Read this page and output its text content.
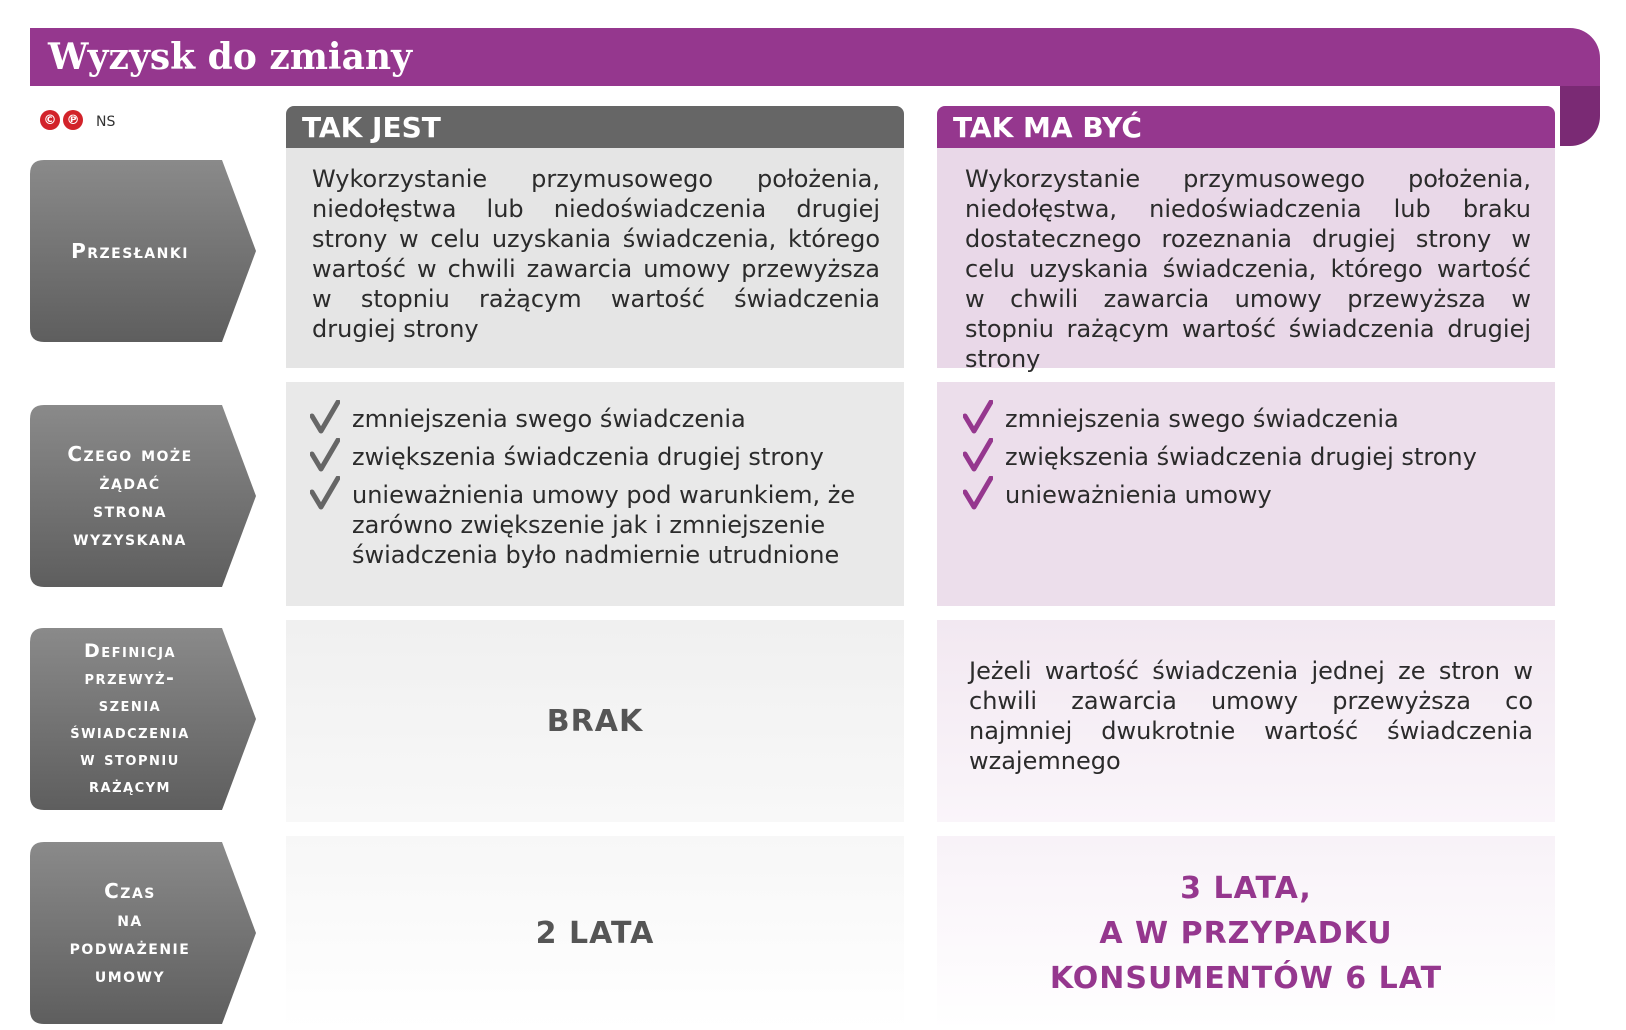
Wyzysk do zmiany
© ℗ NS	TAK JEST	TAK MA BYĆ
Przesłanki
Wykorzystanie przymusowego położenia, niedołęstwa lub niedoświadczenia drugiej strony w celu uzyskania świadczenia, którego wartość w chwili zawarcia umowy przewyższa w stopniu rażącym wartość świadczenia drugiej strony
Wykorzystanie przymusowego położenia, niedołęstwa, niedoświadczenia lub braku dostatecznego rozeznania drugiej strony w celu uzyskania świadczenia, którego wartość w chwili zawarcia umowy przewyższa w stopniu rażącym wartość świadczenia drugiej strony
Czego może
żądać
strona
wyzyskana
zmniejszenia swego świadczenia
zwiększenia świadczenia drugiej strony
unieważnienia umowy pod warunkiem, że zarówno zwiększenie jak i zmniejszenie świadczenia było nadmiernie utrudnione
zmniejszenia swego świadczenia
zwiększenia świadczenia drugiej strony
unieważnienia umowy
Definicja
przewyż-
szenia
świadczenia
w stopniu
rażącym
BRAK
Jeżeli wartość świadczenia jednej ze stron w chwili zawarcia umowy przewyższa co najmniej dwukrotnie wartość świadczenia wzajemnego
Czas
na
podważenie
umowy
2 LATA
3 LATA,
A W PRZYPADKU
KONSUMENTÓW 6 LAT
